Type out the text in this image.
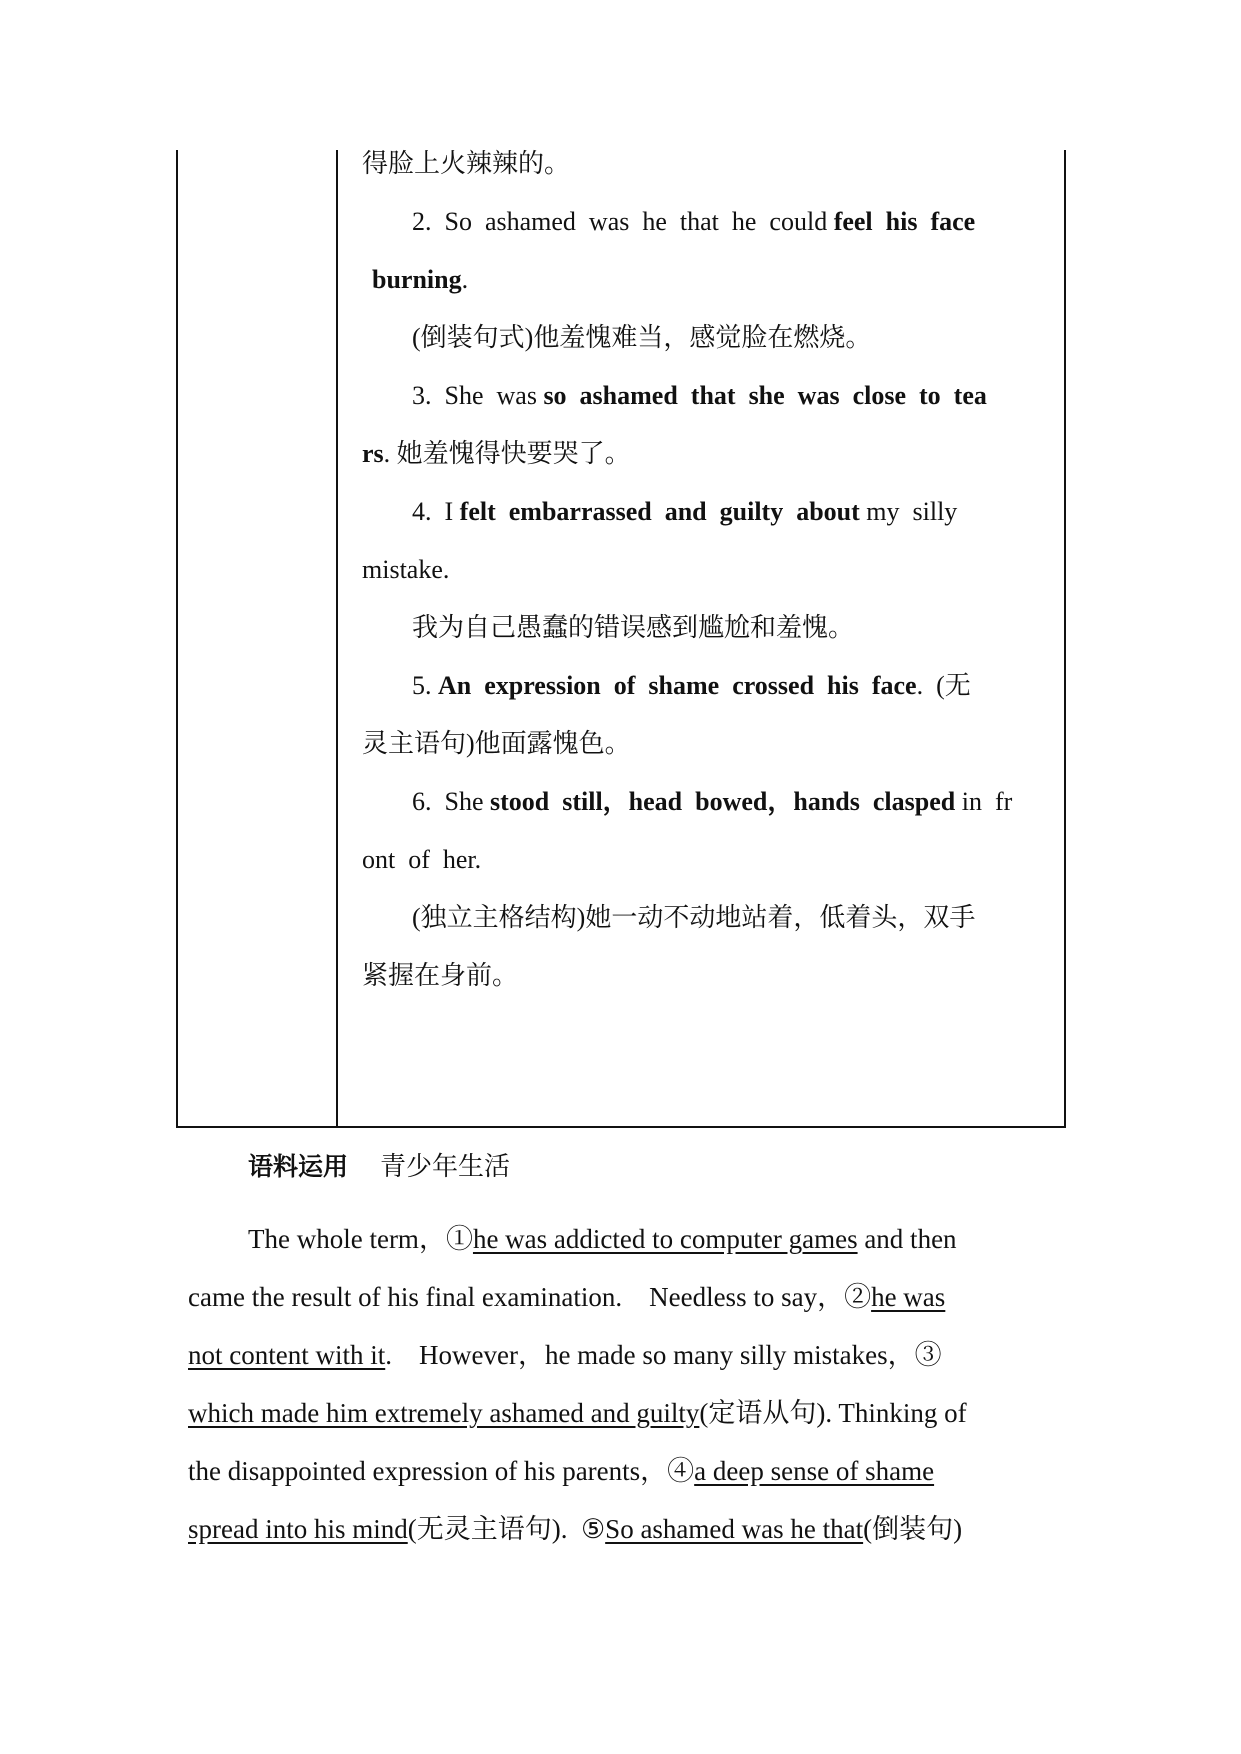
得脸上火辣辣的。
2.  So  ashamed  was  he  that  he  could feel  his  face
burning.
(倒装句式)他羞愧难当，感觉脸在燃烧。
3.  She  was so  ashamed  that  she  was  close  to  tea
rs. 她羞愧得快要哭了。
4.  I felt  embarrassed  and  guilty  about my  silly
mistake.
我为自己愚蠢的错误感到尴尬和羞愧。
5. An  expression  of  shame  crossed  his  face.  (无
灵主语句)他面露愧色。
6.  She stood  still，head  bowed，hands  clasped in  fr
ont  of  her.
(独立主格结构)她一动不动地站着，低着头，双手
紧握在身前。
语料运用 青少年生活
The whole term，①he was addicted to computer games and then
came the result of his final examination.    Needless to say，②he was
not content with it.    However，he made so many silly mistakes，③
which made him extremely ashamed and guilty(定语从句). Thinking of
the disappointed expression of his parents，④a deep sense of shame
spread into his mind(无灵主语句).  ⑤So ashamed was he that(倒装句)
